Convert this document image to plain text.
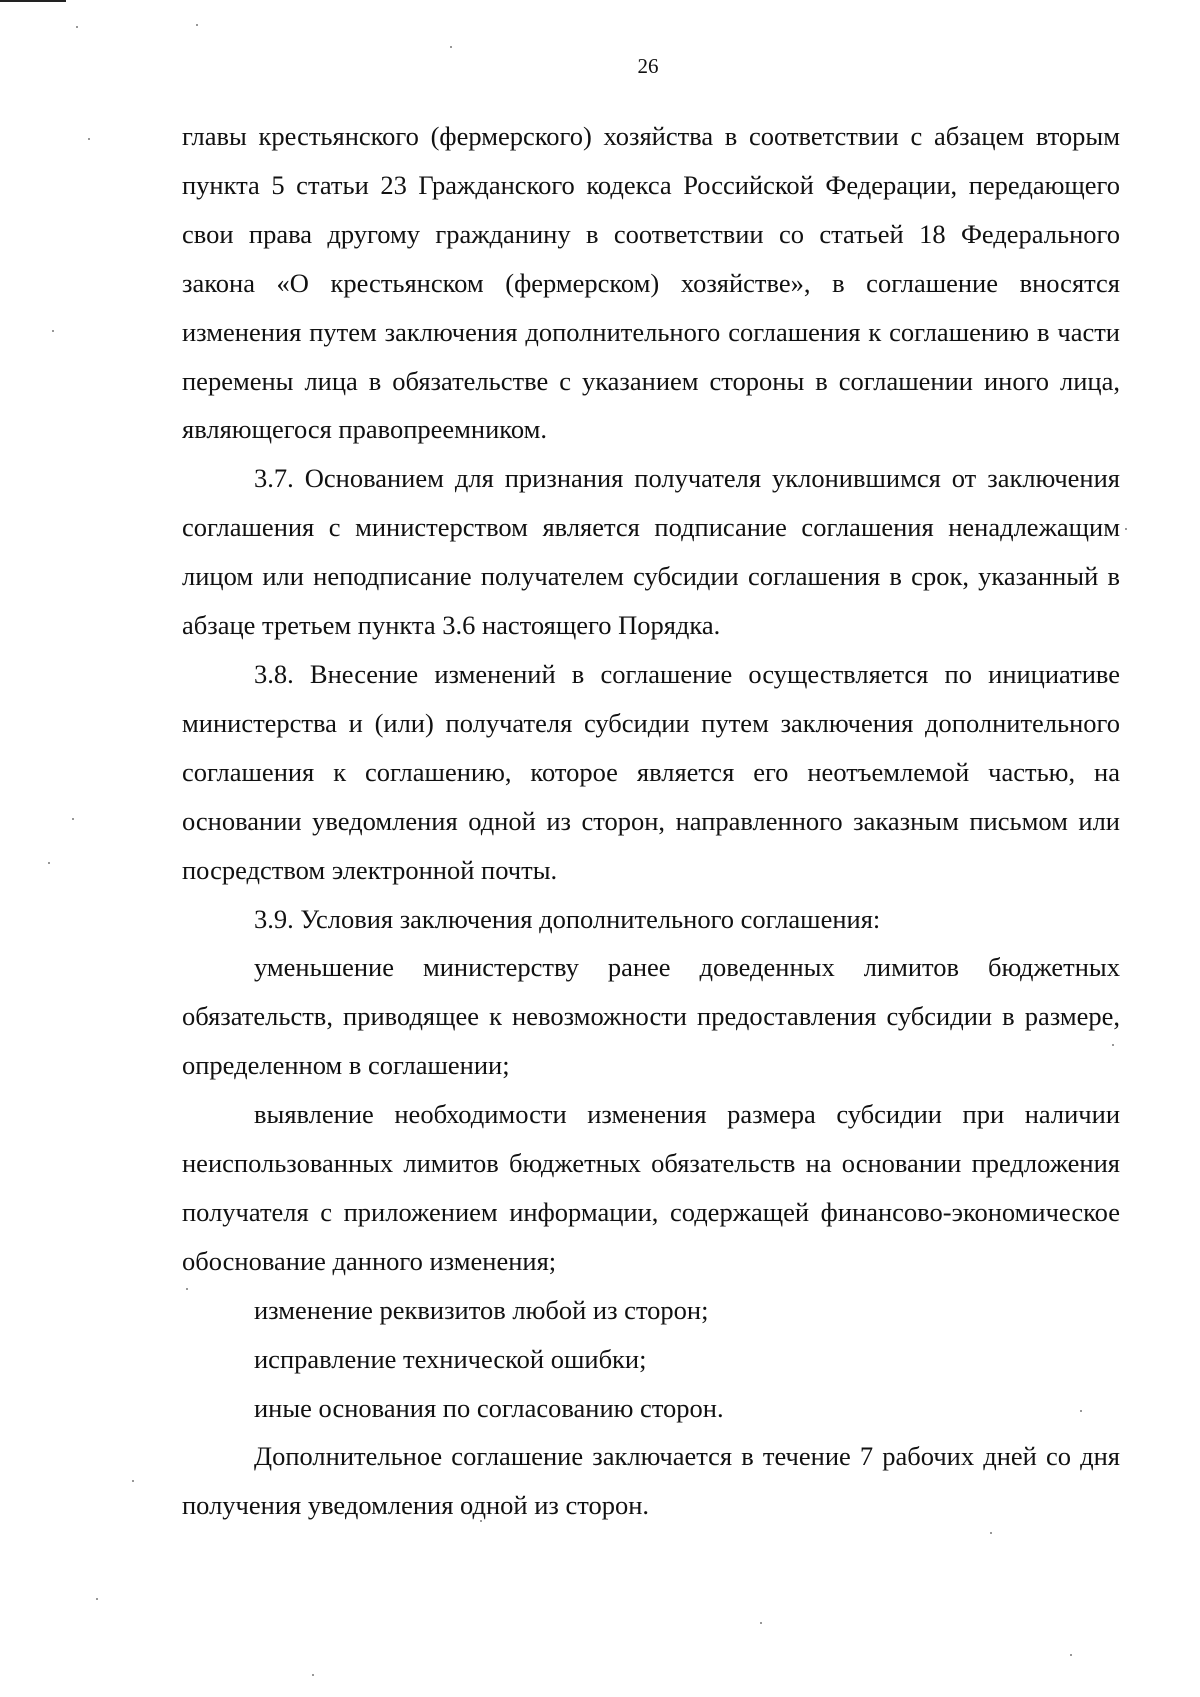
26

главы крестьянского (фермерского) хозяйства в соответствии с абзацем вторым пункта 5 статьи 23 Гражданского кодекса Российской Федерации, передающего свои права другому гражданину в соответствии со статьей 18 Федерального закона «О крестьянском (фермерском) хозяйстве», в соглашение вносятся изменения путем заключения дополнительного соглашения к соглашению в части перемены лица в обязательстве с указанием стороны в соглашении иного лица, являющегося правопреемником.

3.7. Основанием для признания получателя уклонившимся от заключения соглашения с министерством является подписание соглашения ненадлежащим лицом или неподписание получателем субсидии соглашения в срок, указанный в абзаце третьем пункта 3.6 настоящего Порядка.

3.8. Внесение изменений в соглашение осуществляется по инициативе министерства и (или) получателя субсидии путем заключения дополнительного соглашения к соглашению, которое является его неотъемлемой частью, на основании уведомления одной из сторон, направленного заказным письмом или посредством электронной почты.

3.9. Условия заключения дополнительного соглашения:

уменьшение министерству ранее доведенных лимитов бюджетных обязательств, приводящее к невозможности предоставления субсидии в размере, определенном в соглашении;

выявление необходимости изменения размера субсидии при наличии неиспользованных лимитов бюджетных обязательств на основании предложения получателя с приложением информации, содержащей финансово-экономическое обоснование данного изменения;

изменение реквизитов любой из сторон;

исправление технической ошибки;

иные основания по согласованию сторон.

Дополнительное соглашение заключается в течение 7 рабочих дней со дня получения уведомления одной из сторон.
